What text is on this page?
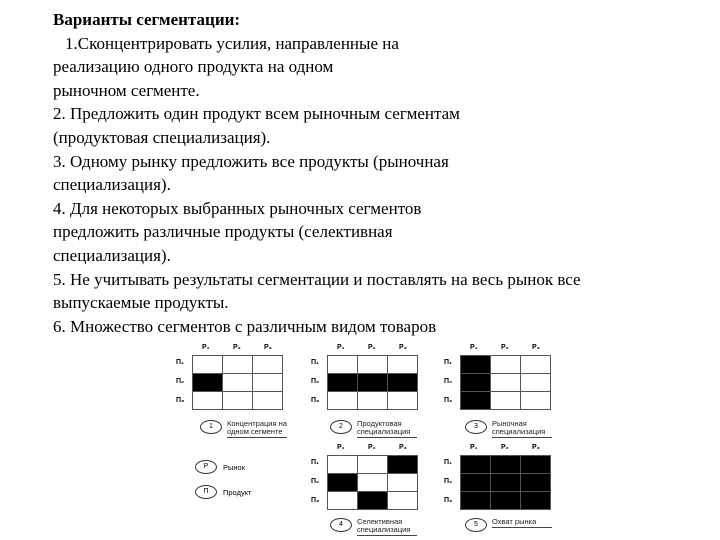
Варианты сегментации:
1.Сконцентрировать усилия, направленные на
реализацию одного продукта на одном
рыночном сегменте.
2. Предложить один продукт всем рыночным сегментам
(продуктовая специализация).
3. Одному рынку предложить все продукты (рыночная
специализация).
4. Для некоторых выбранных рыночных сегментов
предложить различные продукты (селективная
специализация).
5. Не учитывать результаты сегментации и поставлять на весь рынок все
выпускаемые продукты.
6. Множество сегментов с различным видом товаров
P₁	P₂	P₃
П₁
П₂
П₃

1	Концентрация на одном сегменте
P₁	P₂	P₃
П₁
П₂
П₃

2	Продуктовая специализация
P₁	P₂	P₃
П₁
П₂
П₃

3	Рыночная специализация
P₁	P₂	P₃
П₁
П₂
П₃

4	Селективная специализация
P₁	P₂	P₃
П₁
П₂
П₃

5	Охват рынка
Р	Рынок
П	Продукт
